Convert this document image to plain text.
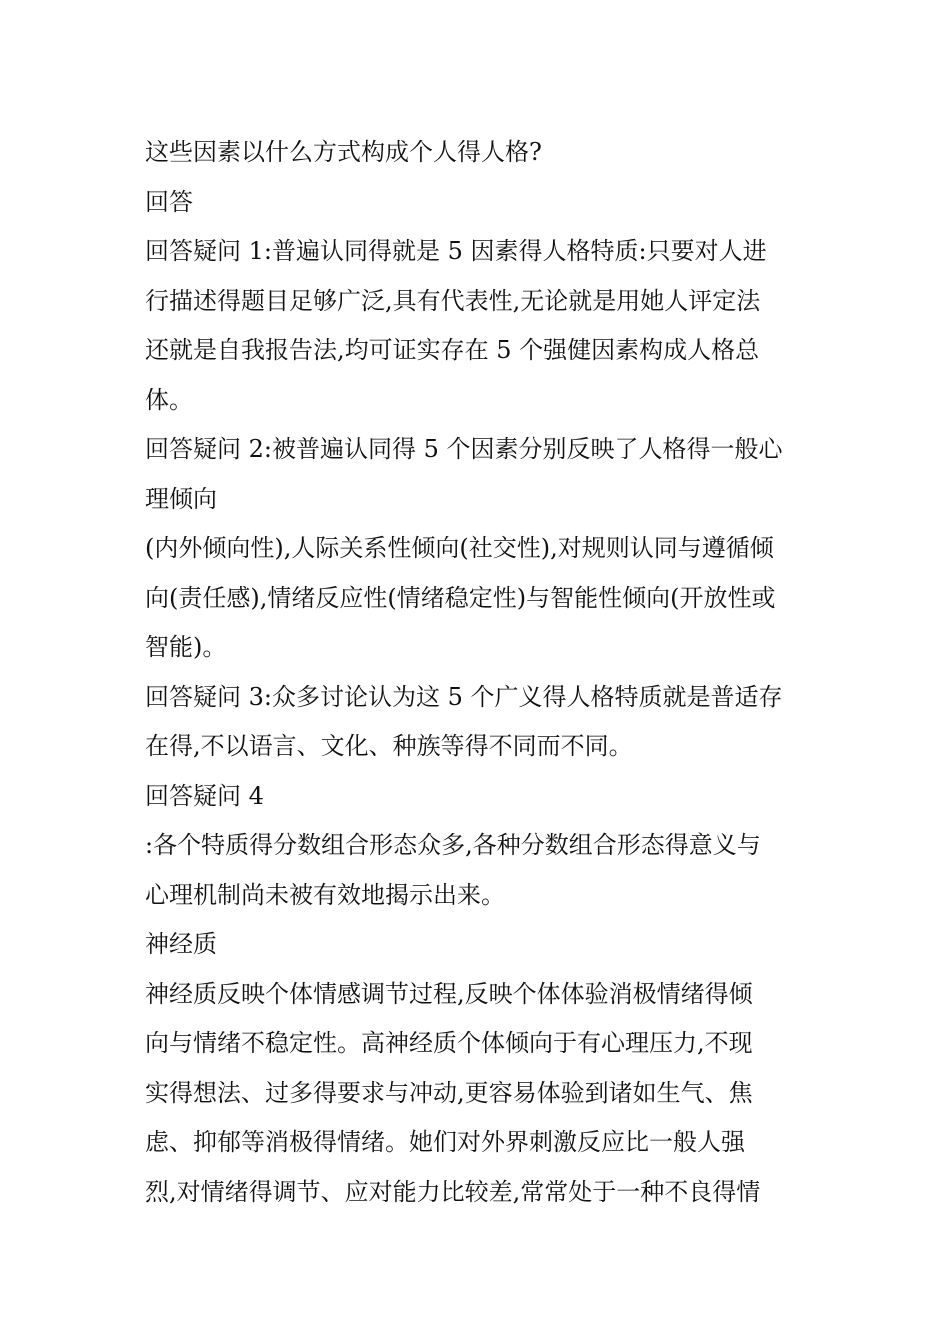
这些因素以什么方式构成个人得人格?
回答
回答疑问 1:普遍认同得就是 5 因素得人格特质:只要对人进
行描述得题目足够广泛,具有代表性,无论就是用她人评定法
还就是自我报告法,均可证实存在 5 个强健因素构成人格总
体。
回答疑问 2:被普遍认同得 5 个因素分别反映了人格得一般心
理倾向
(内外倾向性),人际关系性倾向(社交性),对规则认同与遵循倾
向(责任感),情绪反应性(情绪稳定性)与智能性倾向(开放性或
智能)。
回答疑问 3:众多讨论认为这 5 个广义得人格特质就是普适存
在得,不以语言、文化、种族等得不同而不同。
回答疑问 4
:各个特质得分数组合形态众多,各种分数组合形态得意义与
心理机制尚未被有效地揭示出来。
神经质
神经质反映个体情感调节过程,反映个体体验消极情绪得倾
向与情绪不稳定性。高神经质个体倾向于有心理压力,不现
实得想法、过多得要求与冲动,更容易体验到诸如生气、焦
虑、抑郁等消极得情绪。她们对外界刺激反应比一般人强
烈,对情绪得调节、应对能力比较差,常常处于一种不良得情
